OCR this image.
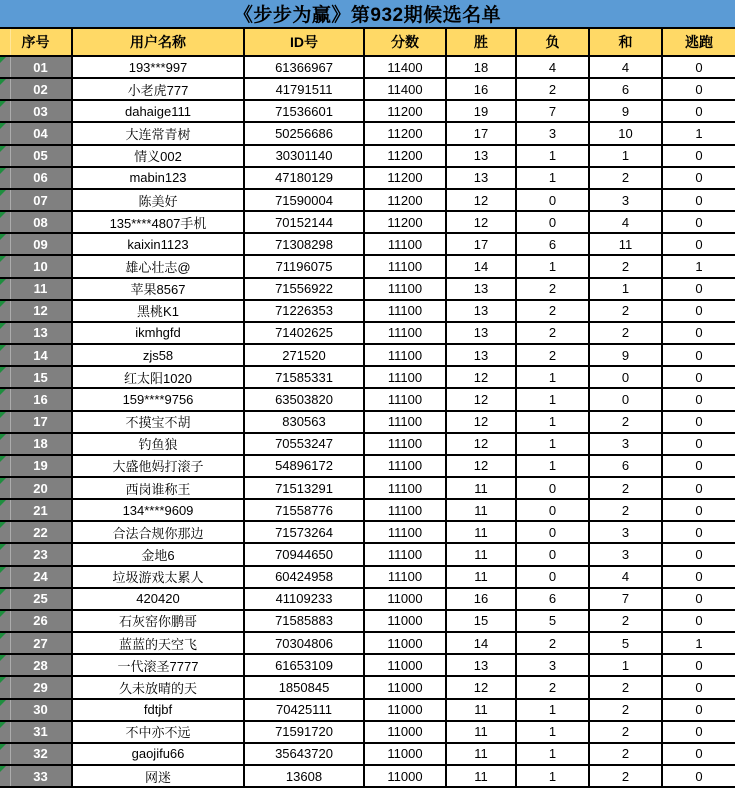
《步步为赢》第932期候选名单
序号	用户名称	ID号	分数	胜	负	和	逃跑
01	193***997	61366967	11400	18	4	4	0
02	小老虎777	41791511	11400	16	2	6	0
03	dahaige111	71536601	11200	19	7	9	0
04	大连常青树	50256686	11200	17	3	10	1
05	情义002	30301140	11200	13	1	1	0
06	mabin123	47180129	11200	13	1	2	0
07	陈美好	71590004	11200	12	0	3	0
08	135****4807手机	70152144	11200	12	0	4	0
09	kaixin1123	71308298	11100	17	6	11	0
10	雄心壮志@	71196075	11100	14	1	2	1
11	苹果8567	71556922	11100	13	2	1	0
12	黑桃K1	71226353	11100	13	2	2	0
13	ikmhgfd	71402625	11100	13	2	2	0
14	zjs58	271520	11100	13	2	9	0
15	红太阳1020	71585331	11100	12	1	0	0
16	159****9756	63503820	11100	12	1	0	0
17	不摸宝不胡	830563	11100	12	1	2	0
18	钓鱼狼	70553247	11100	12	1	3	0
19	大盛他妈打滚子	54896172	11100	12	1	6	0
20	西岗谁称王	71513291	11100	11	0	2	0
21	134****9609	71558776	11100	11	0	2	0
22	合法合规你那边	71573264	11100	11	0	3	0
23	金地6	70944650	11100	11	0	3	0
24	垃圾游戏太累人	60424958	11100	11	0	4	0
25	420420	41109233	11000	16	6	7	0
26	石灰窑你鹏哥	71585883	11000	15	5	2	0
27	蓝蓝的天空飞	70304806	11000	14	2	5	1
28	一代滚圣7777	61653109	11000	13	3	1	0
29	久未放晴的天	1850845	11000	12	2	2	0
30	fdtjbf	70425111	11000	11	1	2	0
31	不中亦不远	71591720	11000	11	1	2	0
32	gaojifu66	35643720	11000	11	1	2	0
33	网迷	13608	11000	11	1	2	0
